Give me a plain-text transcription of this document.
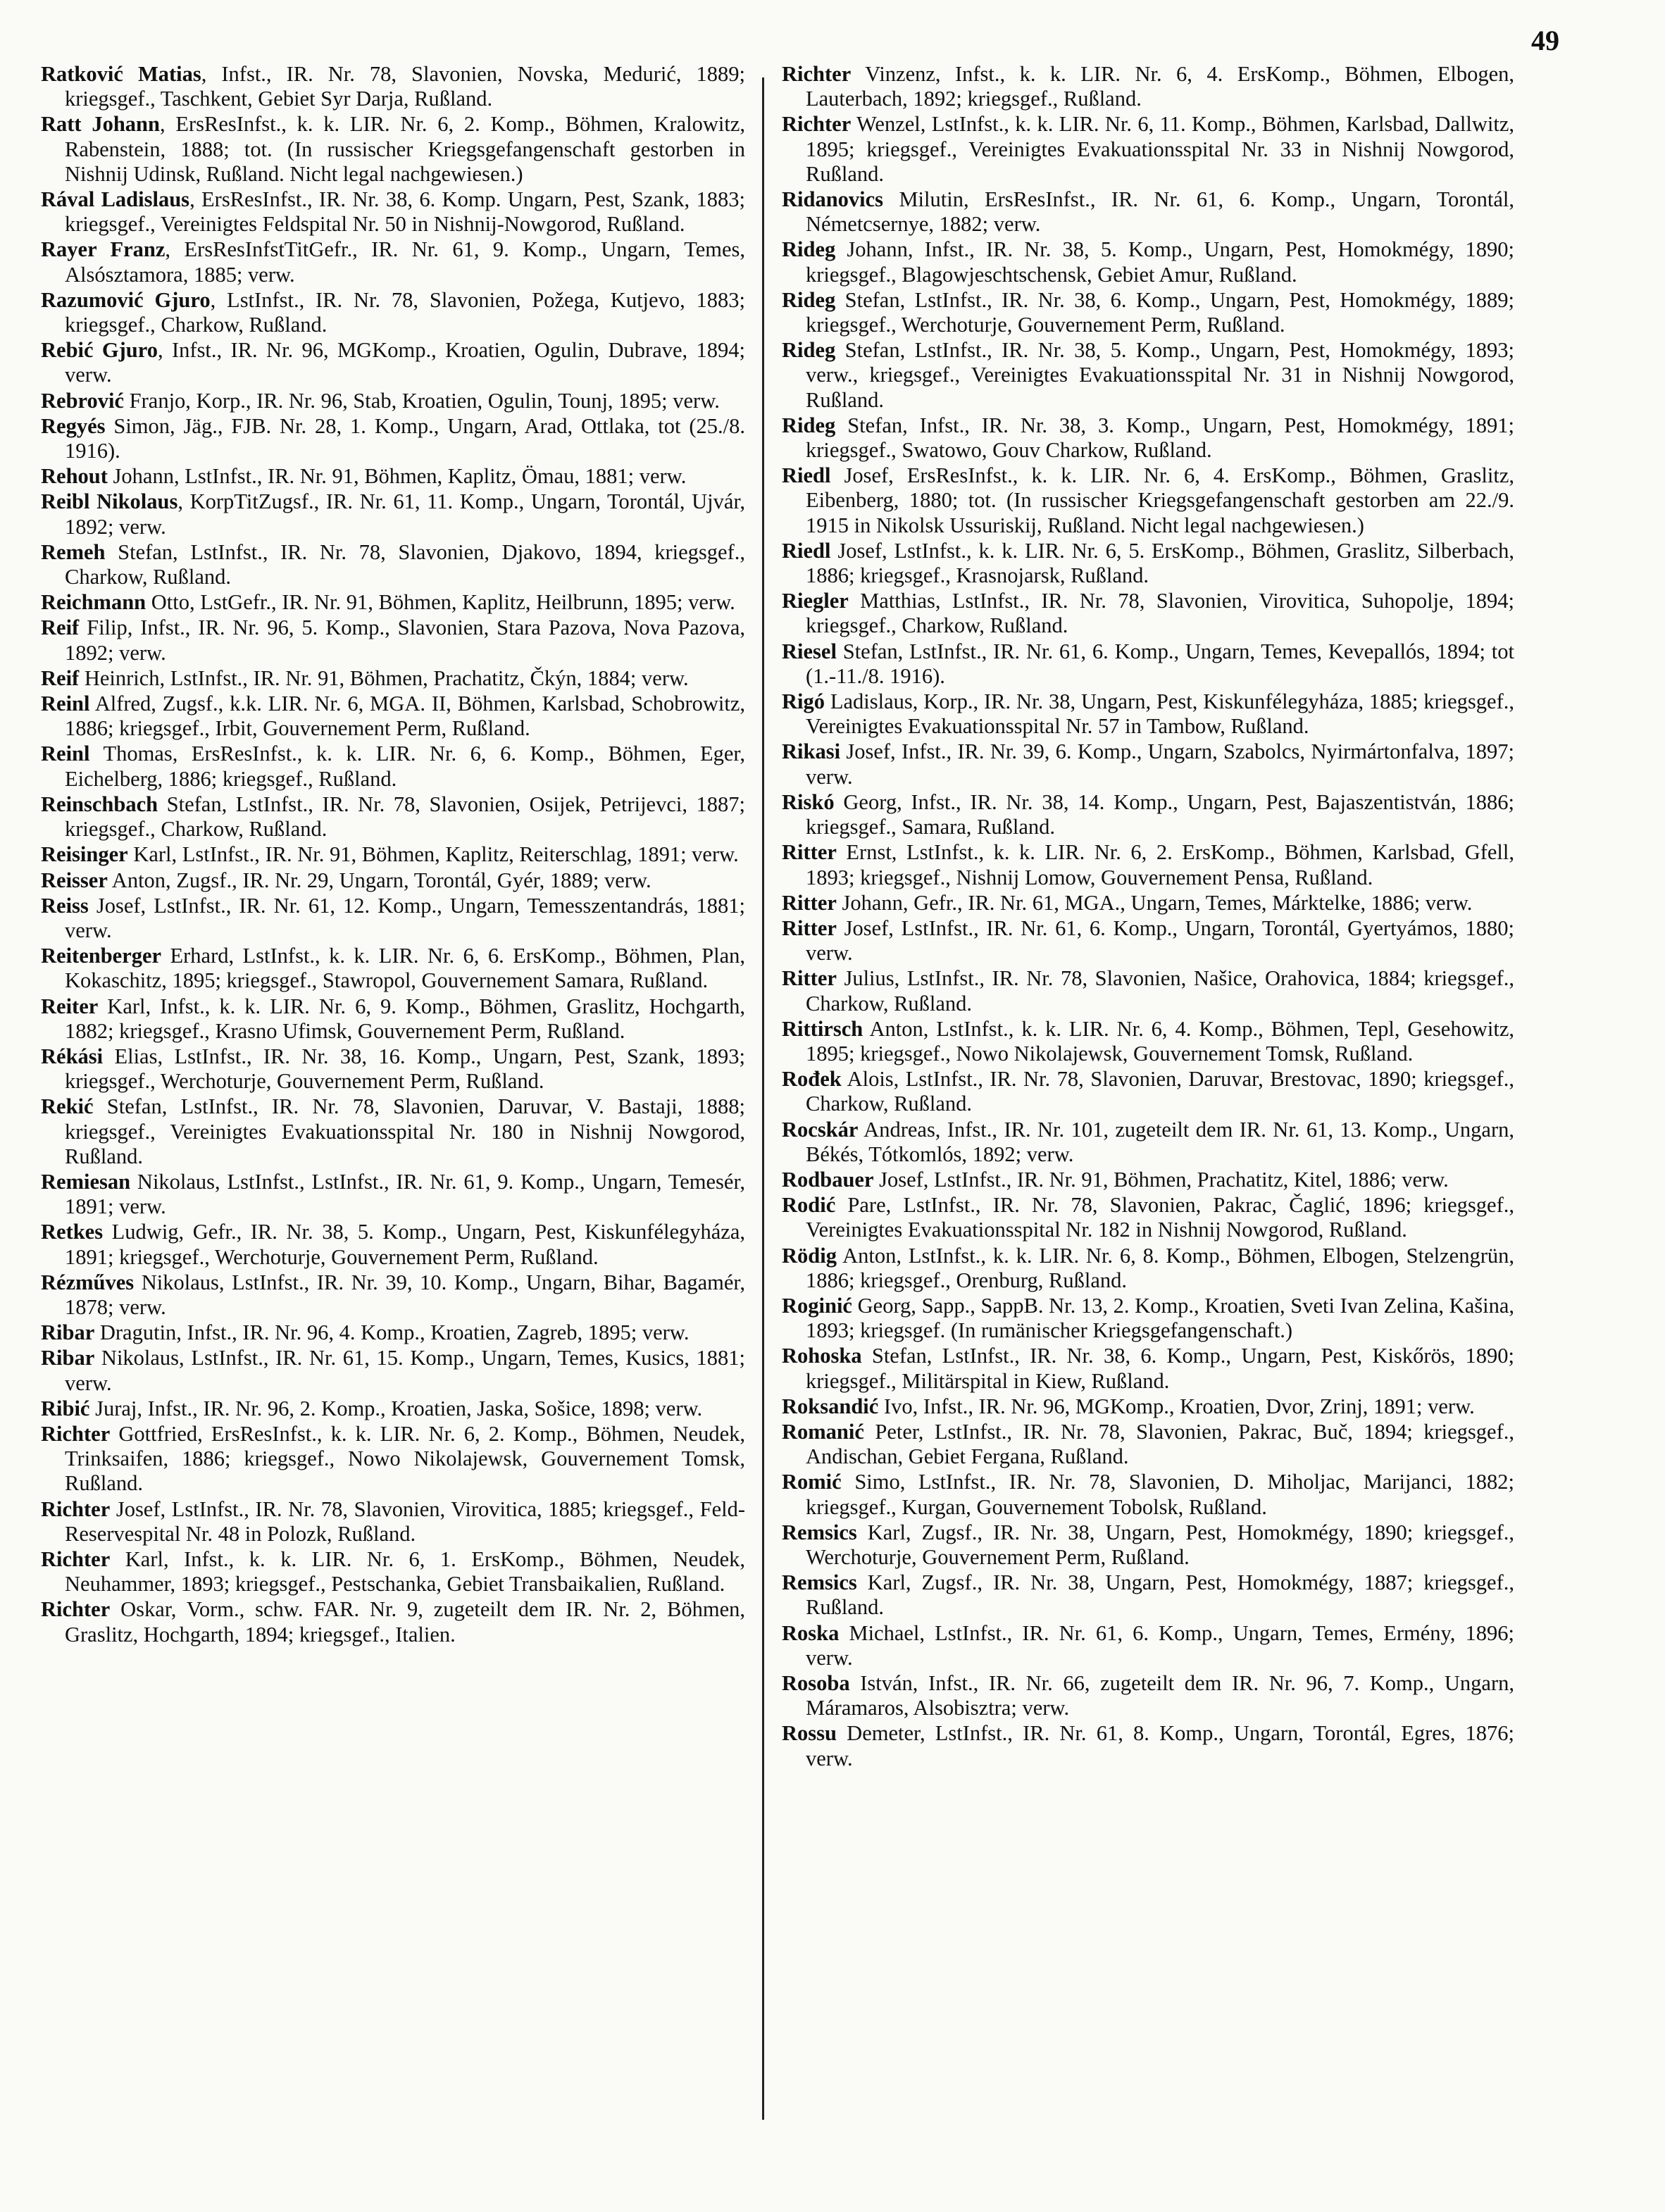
49
Ratković Matias, Infst., IR. Nr. 78, Slavonien, Novska, Medurić, 1889; kriegsgef., Taschkent, Gebiet Syr Darja, Rußland.
Ratt Johann, ErsResInfst., k. k. LIR. Nr. 6, 2. Komp., Böhmen, Kralowitz, Rabenstein, 1888; tot. (In russischer Kriegsgefangenschaft gestorben in Nishnij Udinsk, Rußland. Nicht legal nachgewiesen.)
Rával Ladislaus, ErsResInfst., IR. Nr. 38, 6. Komp. Ungarn, Pest, Szank, 1883; kriegsgef., Vereinigtes Feldspital Nr. 50 in Nishnij-Nowgorod, Rußland.
Rayer Franz, ErsResInfstTitGefr., IR. Nr. 61, 9. Komp., Ungarn, Temes, Alsósztamora, 1885; verw.
Razumović Gjuro, LstInfst., IR. Nr. 78, Slavonien, Požega, Kutjevo, 1883; kriegsgef., Charkow, Rußland.
Rebić Gjuro, Infst., IR. Nr. 96, MGKomp., Kroatien, Ogulin, Dubrave, 1894; verw.
Rebrović Franjo, Korp., IR. Nr. 96, Stab, Kroatien, Ogulin, Tounj, 1895; verw.
Regyés Simon, Jäg., FJB. Nr. 28, 1. Komp., Ungarn, Arad, Ottlaka, tot (25./8. 1916).
Rehout Johann, LstInfst., IR. Nr. 91, Böhmen, Kaplitz, Ömau, 1881; verw.
Reibl Nikolaus, KorpTitZugsf., IR. Nr. 61, 11. Komp., Ungarn, Torontál, Ujvár, 1892; verw.
Remeh Stefan, LstInfst., IR. Nr. 78, Slavonien, Djakovo, 1894, kriegsgef., Charkow, Rußland.
Reichmann Otto, LstGefr., IR. Nr. 91, Böhmen, Kaplitz, Heilbrunn, 1895; verw.
Reif Filip, Infst., IR. Nr. 96, 5. Komp., Slavonien, Stara Pazova, Nova Pazova, 1892; verw.
Reif Heinrich, LstInfst., IR. Nr. 91, Böhmen, Prachatitz, Čkýn, 1884; verw.
Reinl Alfred, Zugsf., k.k. LIR. Nr. 6, MGA. II, Böhmen, Karlsbad, Schobrowitz, 1886; kriegsgef., Irbit, Gouvernement Perm, Rußland.
Reinl Thomas, ErsResInfst., k. k. LIR. Nr. 6, 6. Komp., Böhmen, Eger, Eichelberg, 1886; kriegsgef., Rußland.
Reinschbach Stefan, LstInfst., IR. Nr. 78, Slavonien, Osijek, Petrijevci, 1887; kriegsgef., Charkow, Rußland.
Reisinger Karl, LstInfst., IR. Nr. 91, Böhmen, Kaplitz, Reiterschlag, 1891; verw.
Reisser Anton, Zugsf., IR. Nr. 29, Ungarn, Torontál, Gyér, 1889; verw.
Reiss Josef, LstInfst., IR. Nr. 61, 12. Komp., Ungarn, Temesszentandrás, 1881; verw.
Reitenberger Erhard, LstInfst., k. k. LIR. Nr. 6, 6. ErsKomp., Böhmen, Plan, Kokaschitz, 1895; kriegsgef., Stawropol, Gouvernement Samara, Rußland.
Reiter Karl, Infst., k. k. LIR. Nr. 6, 9. Komp., Böhmen, Graslitz, Hochgarth, 1882; kriegsgef., Krasno Ufimsk, Gouvernement Perm, Rußland.
Rékási Elias, LstInfst., IR. Nr. 38, 16. Komp., Ungarn, Pest, Szank, 1893; kriegsgef., Werchoturje, Gouvernement Perm, Rußland.
Rekić Stefan, LstInfst., IR. Nr. 78, Slavonien, Daruvar, V. Bastaji, 1888; kriegsgef., Vereinigtes Evakuationsspital Nr. 180 in Nishnij Nowgorod, Rußland.
Remiesan Nikolaus, LstInfst., LstInfst., IR. Nr. 61, 9. Komp., Ungarn, Temesér, 1891; verw.
Retkes Ludwig, Gefr., IR. Nr. 38, 5. Komp., Ungarn, Pest, Kiskunfélegyháza, 1891; kriegsgef., Werchoturje, Gouvernement Perm, Rußland.
Rézműves Nikolaus, LstInfst., IR. Nr. 39, 10. Komp., Ungarn, Bihar, Bagamér, 1878; verw.
Ribar Dragutin, Infst., IR. Nr. 96, 4. Komp., Kroatien, Zagreb, 1895; verw.
Ribar Nikolaus, LstInfst., IR. Nr. 61, 15. Komp., Ungarn, Temes, Kusics, 1881; verw.
Ribić Juraj, Infst., IR. Nr. 96, 2. Komp., Kroatien, Jaska, Sošice, 1898; verw.
Richter Gottfried, ErsResInfst., k. k. LIR. Nr. 6, 2. Komp., Böhmen, Neudek, Trinksaifen, 1886; kriegsgef., Nowo Nikolajewsk, Gouvernement Tomsk, Rußland.
Richter Josef, LstInfst., IR. Nr. 78, Slavonien, Virovitica, 1885; kriegsgef., Feld-Reservespital Nr. 48 in Polozk, Rußland.
Richter Karl, Infst., k. k. LIR. Nr. 6, 1. ErsKomp., Böhmen, Neudek, Neuhammer, 1893; kriegsgef., Pestschanka, Gebiet Transbaikalien, Rußland.
Richter Oskar, Vorm., schw. FAR. Nr. 9, zugeteilt dem IR. Nr. 2, Böhmen, Graslitz, Hochgarth, 1894; kriegsgef., Italien.
Richter Vinzenz, Infst., k. k. LIR. Nr. 6, 4. ErsKomp., Böhmen, Elbogen, Lauterbach, 1892; kriegsgef., Rußland.
Richter Wenzel, LstInfst., k. k. LIR. Nr. 6, 11. Komp., Böhmen, Karlsbad, Dallwitz, 1895; kriegsgef., Vereinigtes Evakuationsspital Nr. 33 in Nishnij Nowgorod, Rußland.
Ridanovics Milutin, ErsResInfst., IR. Nr. 61, 6. Komp., Ungarn, Torontál, Németcsernye, 1882; verw.
Rideg Johann, Infst., IR. Nr. 38, 5. Komp., Ungarn, Pest, Homokmégy, 1890; kriegsgef., Blagowjeschtschensk, Gebiet Amur, Rußland.
Rideg Stefan, LstInfst., IR. Nr. 38, 6. Komp., Ungarn, Pest, Homokmégy, 1889; kriegsgef., Werchoturje, Gouvernement Perm, Rußland.
Rideg Stefan, LstInfst., IR. Nr. 38, 5. Komp., Ungarn, Pest, Homokmégy, 1893; verw., kriegsgef., Vereinigtes Evakuationsspital Nr. 31 in Nishnij Nowgorod, Rußland.
Rideg Stefan, Infst., IR. Nr. 38, 3. Komp., Ungarn, Pest, Homokmégy, 1891; kriegsgef., Swatowo, Gouv Charkow, Rußland.
Riedl Josef, ErsResInfst., k. k. LIR. Nr. 6, 4. ErsKomp., Böhmen, Graslitz, Eibenberg, 1880; tot. (In russischer Kriegsgefangenschaft gestorben am 22./9. 1915 in Nikolsk Ussuriskij, Rußland. Nicht legal nachgewiesen.)
Riedl Josef, LstInfst., k. k. LIR. Nr. 6, 5. ErsKomp., Böhmen, Graslitz, Silberbach, 1886; kriegsgef., Krasnojarsk, Rußland.
Riegler Matthias, LstInfst., IR. Nr. 78, Slavonien, Virovitica, Suhopolje, 1894; kriegsgef., Charkow, Rußland.
Riesel Stefan, LstInfst., IR. Nr. 61, 6. Komp., Ungarn, Temes, Kevepallós, 1894; tot (1.-11./8. 1916).
Rigó Ladislaus, Korp., IR. Nr. 38, Ungarn, Pest, Kiskunfélegyháza, 1885; kriegsgef., Vereinigtes Evakuationsspital Nr. 57 in Tambow, Rußland.
Rikasi Josef, Infst., IR. Nr. 39, 6. Komp., Ungarn, Szabolcs, Nyirmártonfalva, 1897; verw.
Riskó Georg, Infst., IR. Nr. 38, 14. Komp., Ungarn, Pest, Bajaszentistván, 1886; kriegsgef., Samara, Rußland.
Ritter Ernst, LstInfst., k. k. LIR. Nr. 6, 2. ErsKomp., Böhmen, Karlsbad, Gfell, 1893; kriegsgef., Nishnij Lomow, Gouvernement Pensa, Rußland.
Ritter Johann, Gefr., IR. Nr. 61, MGA., Ungarn, Temes, Márktelke, 1886; verw.
Ritter Josef, LstInfst., IR. Nr. 61, 6. Komp., Ungarn, Torontál, Gyertyámos, 1880; verw.
Ritter Julius, LstInfst., IR. Nr. 78, Slavonien, Našice, Orahovica, 1884; kriegsgef., Charkow, Rußland.
Rittirsch Anton, LstInfst., k. k. LIR. Nr. 6, 4. Komp., Böhmen, Tepl, Gesehowitz, 1895; kriegsgef., Nowo Nikolajewsk, Gouvernement Tomsk, Rußland.
Rođek Alois, LstInfst., IR. Nr. 78, Slavonien, Daruvar, Brestovac, 1890; kriegsgef., Charkow, Rußland.
Rocskár Andreas, Infst., IR. Nr. 101, zugeteilt dem IR. Nr. 61, 13. Komp., Ungarn, Békés, Tótkomlós, 1892; verw.
Rodbauer Josef, LstInfst., IR. Nr. 91, Böhmen, Prachatitz, Kitel, 1886; verw.
Rodić Pare, LstInfst., IR. Nr. 78, Slavonien, Pakrac, Čaglić, 1896; kriegsgef., Vereinigtes Evakuationsspital Nr. 182 in Nishnij Nowgorod, Rußland.
Rödig Anton, LstInfst., k. k. LIR. Nr. 6, 8. Komp., Böhmen, Elbogen, Stelzengrün, 1886; kriegsgef., Orenburg, Rußland.
Roginić Georg, Sapp., SappB. Nr. 13, 2. Komp., Kroatien, Sveti Ivan Zelina, Kašina, 1893; kriegsgef. (In rumänischer Kriegsgefangenschaft.)
Rohoska Stefan, LstInfst., IR. Nr. 38, 6. Komp., Ungarn, Pest, Kiskőrös, 1890; kriegsgef., Militärspital in Kiew, Rußland.
Roksandić Ivo, Infst., IR. Nr. 96, MGKomp., Kroatien, Dvor, Zrinj, 1891; verw.
Romanić Peter, LstInfst., IR. Nr. 78, Slavonien, Pakrac, Buč, 1894; kriegsgef., Andischan, Gebiet Fergana, Rußland.
Romić Simo, LstInfst., IR. Nr. 78, Slavonien, D. Miholjac, Marijanci, 1882; kriegsgef., Kurgan, Gouvernement Tobolsk, Rußland.
Remsics Karl, Zugsf., IR. Nr. 38, Ungarn, Pest, Homokmégy, 1890; kriegsgef., Werchoturje, Gouvernement Perm, Rußland.
Remsics Karl, Zugsf., IR. Nr. 38, Ungarn, Pest, Homokmégy, 1887; kriegsgef., Rußland.
Roska Michael, LstInfst., IR. Nr. 61, 6. Komp., Ungarn, Temes, Ermény, 1896; verw.
Rosoba István, Infst., IR. Nr. 66, zugeteilt dem IR. Nr. 96, 7. Komp., Ungarn, Máramaros, Alsobisztra; verw.
Rossu Demeter, LstInfst., IR. Nr. 61, 8. Komp., Ungarn, Torontál, Egres, 1876; verw.
